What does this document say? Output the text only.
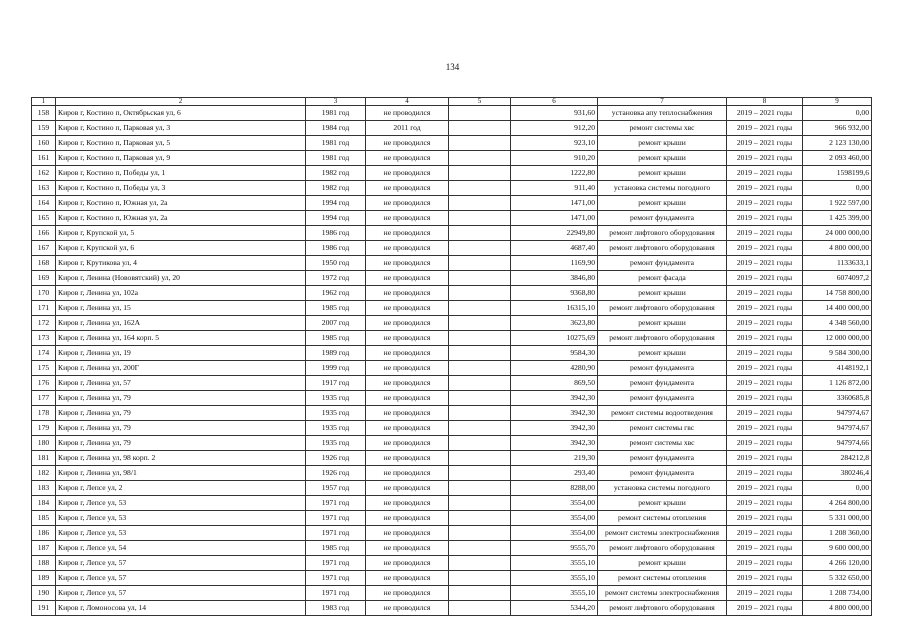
134
1	2	3	4	5	6	7	8	9
158	Киров г, Костино п, Октябрьская ул, 6	1981 год	не проводился		931,60	установка апу теплоснабжения	2019 – 2021 годы	0,00
159	Киров г, Костино п, Парковая ул, 3	1984 год	2011 год		912,20	ремонт системы хвс	2019 – 2021 годы	966 932,00
160	Киров г, Костино п, Парковая ул, 5	1981 год	не проводился		923,10	ремонт крыши	2019 – 2021 годы	2 123 130,00
161	Киров г, Костино п, Парковая ул, 9	1981 год	не проводился		910,20	ремонт крыши	2019 – 2021 годы	2 093 460,00
162	Киров г, Костино п, Победы ул, 1	1982 год	не проводился		1222,80	ремонт крыши	2019 – 2021 годы	1598199,6
163	Киров г, Костино п, Победы ул, 3	1982 год	не проводился		911,40	установка системы погодного	2019 – 2021 годы	0,00
164	Киров г, Костино п, Южная ул, 2а	1994 год	не проводился		1471,00	ремонт крыши	2019 – 2021 годы	1 922 597,00
165	Киров г, Костино п, Южная ул, 2а	1994 год	не проводился		1471,00	ремонт фундамента	2019 – 2021 годы	1 425 399,00
166	Киров г, Крупской ул, 5	1986 год	не проводился		22949,80	ремонт лифтового оборудования	2019 – 2021 годы	24 000 000,00
167	Киров г, Крупской ул, 6	1986 год	не проводился		4687,40	ремонт лифтового оборудования	2019 – 2021 годы	4 800 000,00
168	Киров г, Крутикова ул, 4	1950 год	не проводился		1169,90	ремонт фундамента	2019 – 2021 годы	1133633,1
169	Киров г, Ленина (Нововятский) ул, 20	1972 год	не проводился		3846,80	ремонт фасада	2019 – 2021 годы	6074097,2
170	Киров г, Ленина ул, 102а	1962 год	не проводился		9368,80	ремонт крыши	2019 – 2021 годы	14 758 800,00
171	Киров г, Ленина ул, 15	1985 год	не проводился		16315,10	ремонт лифтового оборудования	2019 – 2021 годы	14 400 000,00
172	Киров г, Ленина ул, 162А	2007 год	не проводился		3623,80	ремонт крыши	2019 – 2021 годы	4 348 560,00
173	Киров г, Ленина ул, 164 корп. 5	1985 год	не проводился		10275,69	ремонт лифтового оборудования	2019 – 2021 годы	12 000 000,00
174	Киров г, Ленина ул, 19	1989 год	не проводился		9584,30	ремонт крыши	2019 – 2021 годы	9 584 300,00
175	Киров г, Ленина ул, 200Г	1999 год	не проводился		4280,90	ремонт фундамента	2019 – 2021 годы	4148192,1
176	Киров г, Ленина ул, 57	1917 год	не проводился		869,50	ремонт фундамента	2019 – 2021 годы	1 126 872,00
177	Киров г, Ленина ул, 79	1935 год	не проводился		3942,30	ремонт фундамента	2019 – 2021 годы	3360685,8
178	Киров г, Ленина ул, 79	1935 год	не проводился		3942,30	ремонт системы водоотведения	2019 – 2021 годы	947974,67
179	Киров г, Ленина ул, 79	1935 год	не проводился		3942,30	ремонт системы гвс	2019 – 2021 годы	947974,67
180	Киров г, Ленина ул, 79	1935 год	не проводился		3942,30	ремонт системы хвс	2019 – 2021 годы	947974,66
181	Киров г, Ленина ул, 98 корп. 2	1926 год	не проводился		219,30	ремонт фундамента	2019 – 2021 годы	284212,8
182	Киров г, Ленина ул, 98/1	1926 год	не проводился		293,40	ремонт фундамента	2019 – 2021 годы	380246,4
183	Киров г, Лепсе ул, 2	1957 год	не проводился		8288,00	установка системы погодного	2019 – 2021 годы	0,00
184	Киров г, Лепсе ул, 53	1971 год	не проводился		3554,00	ремонт крыши	2019 – 2021 годы	4 264 800,00
185	Киров г, Лепсе ул, 53	1971 год	не проводился		3554,00	ремонт системы отопления	2019 – 2021 годы	5 331 000,00
186	Киров г, Лепсе ул, 53	1971 год	не проводился		3554,00	ремонт системы электроснабжения	2019 – 2021 годы	1 208 360,00
187	Киров г, Лепсе ул, 54	1985 год	не проводился		9555,70	ремонт лифтового оборудования	2019 – 2021 годы	9 600 000,00
188	Киров г, Лепсе ул, 57	1971 год	не проводился		3555,10	ремонт крыши	2019 – 2021 годы	4 266 120,00
189	Киров г, Лепсе ул, 57	1971 год	не проводился		3555,10	ремонт системы отопления	2019 – 2021 годы	5 332 650,00
190	Киров г, Лепсе ул, 57	1971 год	не проводился		3555,10	ремонт системы электроснабжения	2019 – 2021 годы	1 208 734,00
191	Киров г, Ломоносова ул, 14	1983 год	не проводился		5344,20	ремонт лифтового оборудования	2019 – 2021 годы	4 800 000,00
